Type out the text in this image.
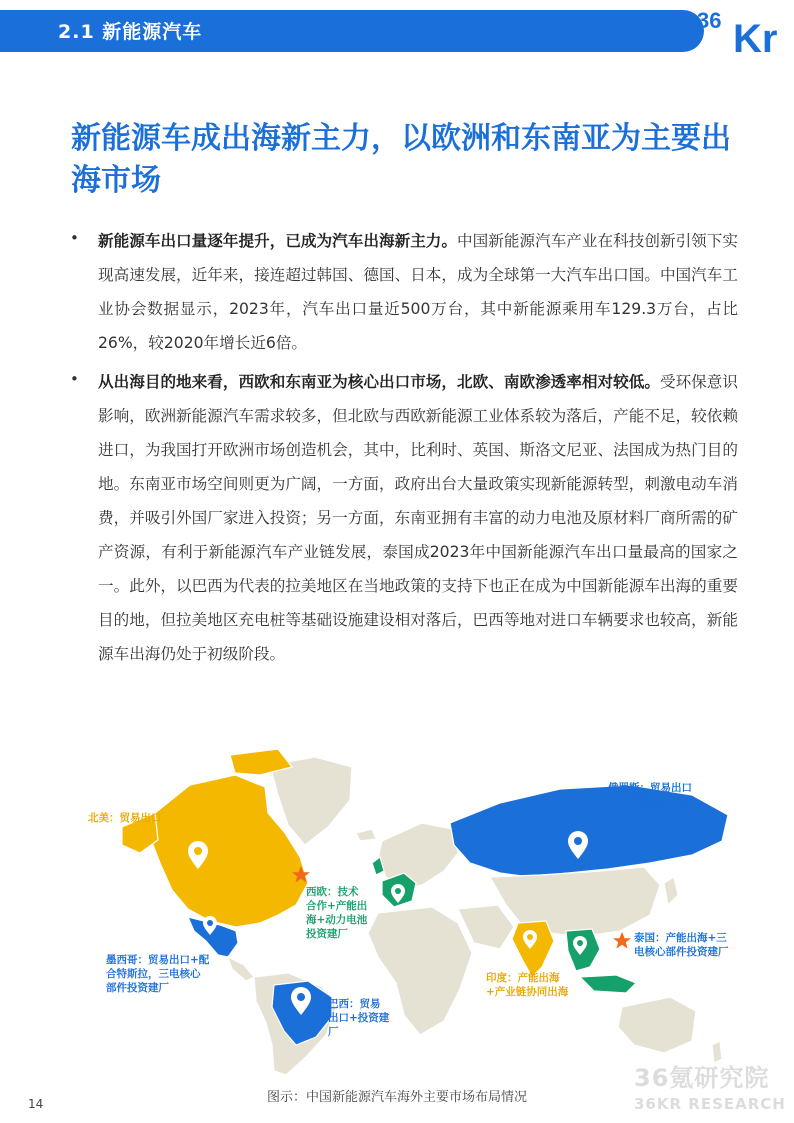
2.1 新能源汽车	36 Kr
新能源车成出海新主力，以欧洲和东南亚为主要出海市场
• 新能源车出口量逐年提升，已成为汽车出海新主力。中国新能源汽车产业在科技创新引领下实现高速发展，近年来，接连超过韩国、德国、日本，成为全球第一大汽车出口国。中国汽车工业协会数据显示，2023年，汽车出口量近500万台，其中新能源乘用车129.3万台，占比26%，较2020年增长近6倍。
• 从出海目的地来看，西欧和东南亚为核心出口市场，北欧、南欧渗透率相对较低。受环保意识影响，欧洲新能源汽车需求较多，但北欧与西欧新能源工业体系较为落后，产能不足，较依赖进口，为我国打开欧洲市场创造机会，其中，比利时、英国、斯洛文尼亚、法国成为热门目的地。东南亚市场空间则更为广阔，一方面，政府出台大量政策实现新能源转型，刺激电动车消费，并吸引外国厂家进入投资；另一方面，东南亚拥有丰富的动力电池及原材料厂商所需的矿产资源，有利于新能源汽车产业链发展，泰国成2023年中国新能源汽车出口量最高的国家之一。此外，以巴西为代表的拉美地区在当地政策的支持下也正在成为中国新能源车出海的重要目的地，但拉美地区充电桩等基础设施建设相对落后，巴西等地对进口车辆要求也较高，新能源车出海仍处于初级阶段。
北美：贸易出口
西欧：技术合作+产能出海+动力电池投资建厂
墨西哥：贸易出口+配合特斯拉，三电核心部件投资建厂
巴西：贸易出口+投资建厂
印度：产能出海+产业链协同出海
俄罗斯：贸易出口+产业链协同出海
泰国：产能出海+三电核心部件投资建厂
36氪研究院
36KR RESEARCH
图示：中国新能源汽车海外主要市场布局情况
14
